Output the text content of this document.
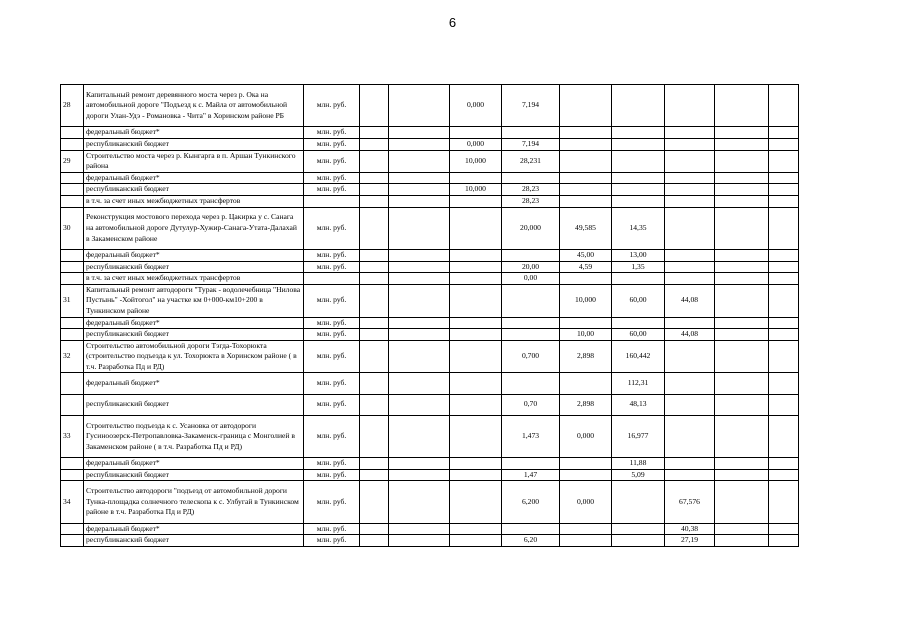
6
28	Капитальный ремонт деревянного моста через р. Ока на автомобильной дороге "Подъезд к с. Майла от автомобильной дороги Улан-Удэ - Романовка - Чита" в Хоринском районе РБ	млн. руб.			0,000	7,194					
	федеральный бюджет*	млн. руб.									
	республиканский бюджет	млн. руб.			0,000	7,194					
29	Строительство моста через р. Кынгарга в п. Аршан Тункинского района	млн. руб.			10,000	28,231					
	федеральный бюджет*	млн. руб.									
	республиканский бюджет	млн. руб.			10,000	28,23					
	в т.ч. за счет иных межбюджетных трансфертов					28,23					
30	Реконструкция мостового перехода через р. Цакирка у с. Санага на автомобильной дороге Дутулур-Хужир-Санага-Утата-Далахай в Закаменском районе	млн. руб.				20,000	49,585	14,35			
	федеральный бюджет*	млн. руб.					45,00	13,00			
	республиканский бюджет	млн. руб.				20,00	4,59	1,35			
	в т.ч. за счет иных межбюджетных трансфертов					0,00					
31	Капитальный ремонт автодороги "Турак - водолечебница "Нилова Пустынь" -Хойтогол" на участке км 0+000-км10+200 в Тункинском районе	млн. руб.					10,000	60,00	44,08		
	федеральный бюджет*	млн. руб.									
	республиканский бюджет	млн. руб.					10,00	60,00	44,08		
32	Строительство автомобильной дороги Тэгда-Тохорюкта (строительство подъезда к ул. Тохорюкта в Хоринском районе ( в т.ч. Разработка Пд и РД)	млн. руб.				0,700	2,898	160,442			
	федеральный бюджет*	млн. руб.						112,31			
	республиканский бюджет	млн. руб.				0,70	2,898	48,13			
33	Строительство подъезда к с. Усановка от автодороги Гусиноозерск-Петропавловка-Закаменск-граница с Монголией в Закаменском районе ( в т.ч. Разработка Пд и РД)	млн. руб.				1,473	0,000	16,977			
	федеральный бюджет*	млн. руб.						11,88			
	республиканский бюджет	млн. руб.				1,47		5,09			
34	Строительство автодороги "подъезд от автомобильной дороги Тунка-площадка солнечного телескопа к с. Улбугай в Тункинском районе в т.ч. Разработка Пд и РД)	млн. руб.				6,200	0,000		67,576		
	федеральный бюджет*	млн. руб.							40,38		
	республиканский бюджет	млн. руб.				6,20			27,19		
